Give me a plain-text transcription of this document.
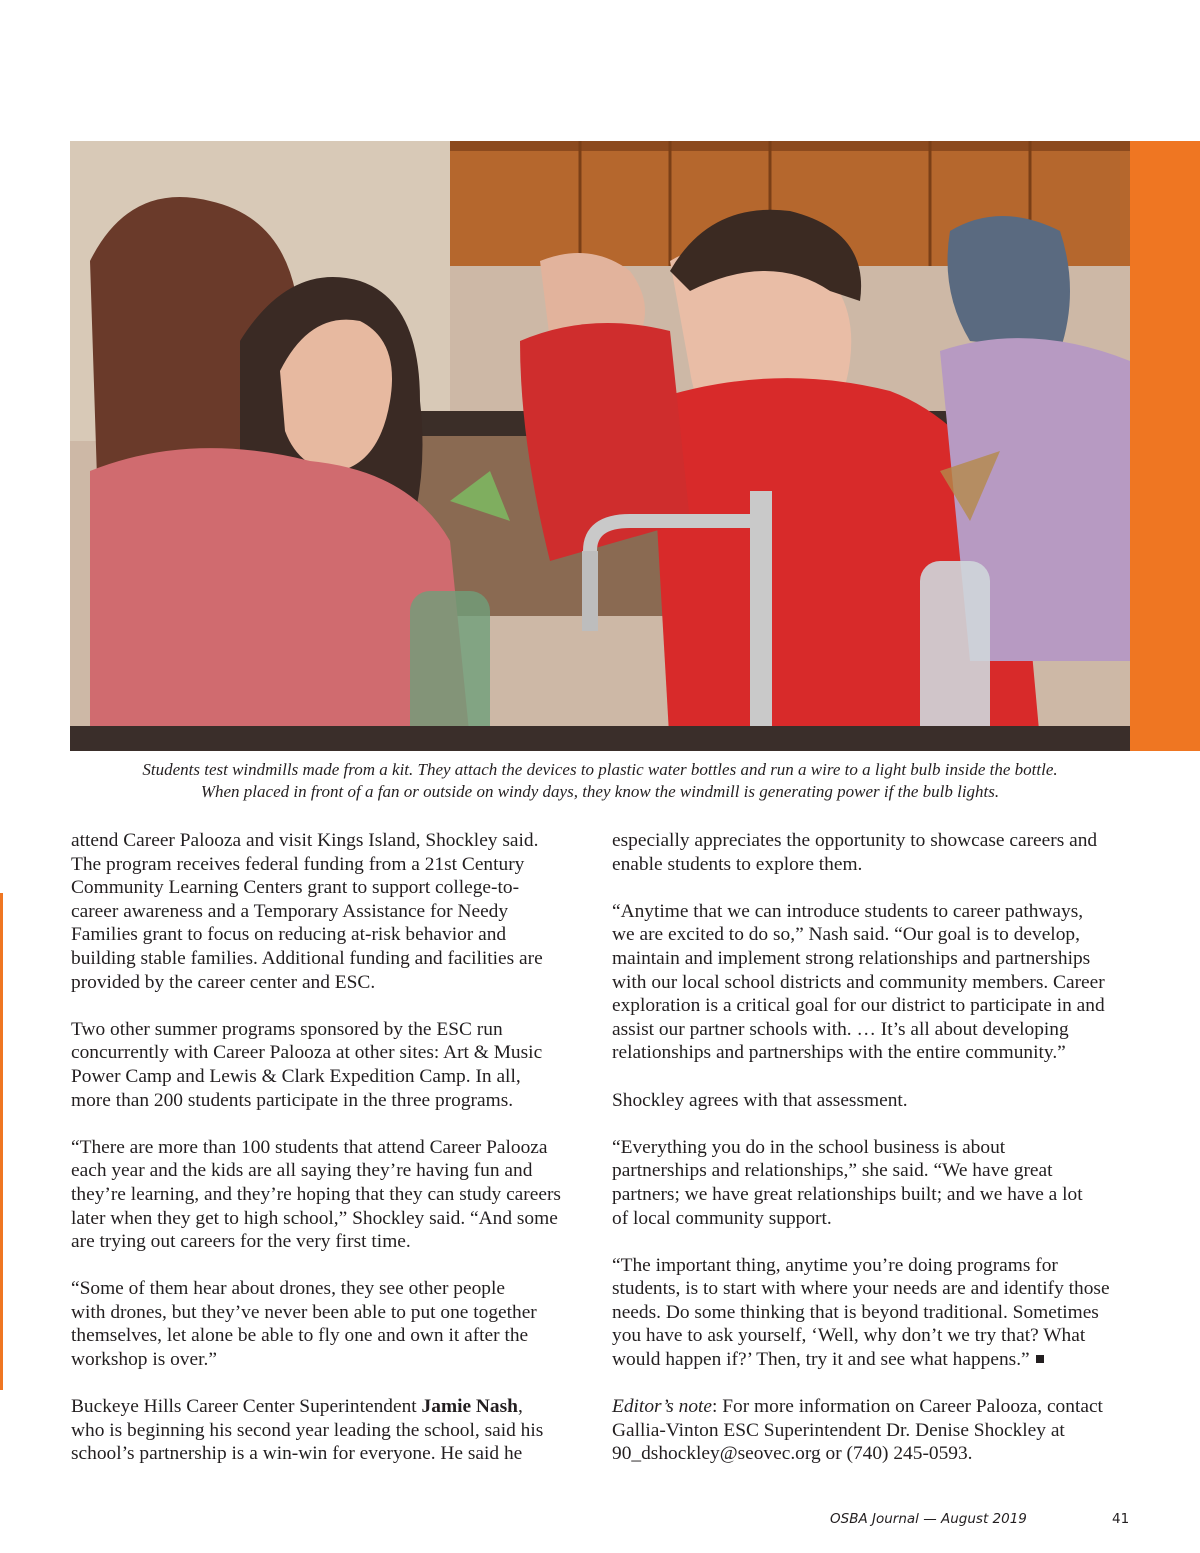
Students test windmills made from a kit. They attach the devices to plastic water bottles and run a wire to a light bulb inside the bottle.
When placed in front of a fan or outside on windy days, they know the windmill is generating power if the bulb lights.

attend Career Palooza and visit Kings Island, Shockley said.
The program receives federal funding from a 21st Century
Community Learning Centers grant to support college-to-
career awareness and a Temporary Assistance for Needy
Families grant to focus on reducing at-risk behavior and
building stable families. Additional funding and facilities are
provided by the career center and ESC.

Two other summer programs sponsored by the ESC run
concurrently with Career Palooza at other sites: Art & Music
Power Camp and Lewis & Clark Expedition Camp. In all,
more than 200 students participate in the three programs.

“There are more than 100 students that attend Career Palooza
each year and the kids are all saying they’re having fun and
they’re learning, and they’re hoping that they can study careers
later when they get to high school,” Shockley said. “And some
are trying out careers for the very first time.

“Some of them hear about drones, they see other people
with drones, but they’ve never been able to put one together
themselves, let alone be able to fly one and own it after the
workshop is over.”

Buckeye Hills Career Center Superintendent Jamie Nash,
who is beginning his second year leading the school, said his
school’s partnership is a win-win for everyone. He said he

especially appreciates the opportunity to showcase careers and
enable students to explore them.

“Anytime that we can introduce students to career pathways,
we are excited to do so,” Nash said. “Our goal is to develop,
maintain and implement strong relationships and partnerships
with our local school districts and community members. Career
exploration is a critical goal for our district to participate in and
assist our partner schools with. … It’s all about developing
relationships and partnerships with the entire community.”

Shockley agrees with that assessment.

“Everything you do in the school business is about
partnerships and relationships,” she said. “We have great
partners; we have great relationships built; and we have a lot
of local community support.

“The important thing, anytime you’re doing programs for
students, is to start with where your needs are and identify those
needs. Do some thinking that is beyond traditional. Sometimes
you have to ask yourself, ‘Well, why don’t we try that? What
would happen if?’ Then, try it and see what happens.”

Editor’s note: For more information on Career Palooza, contact
Gallia-Vinton ESC Superintendent Dr. Denise Shockley at
90_dshockley@seovec.org or (740) 245-0593.

OSBA Journal — August 2019	41
